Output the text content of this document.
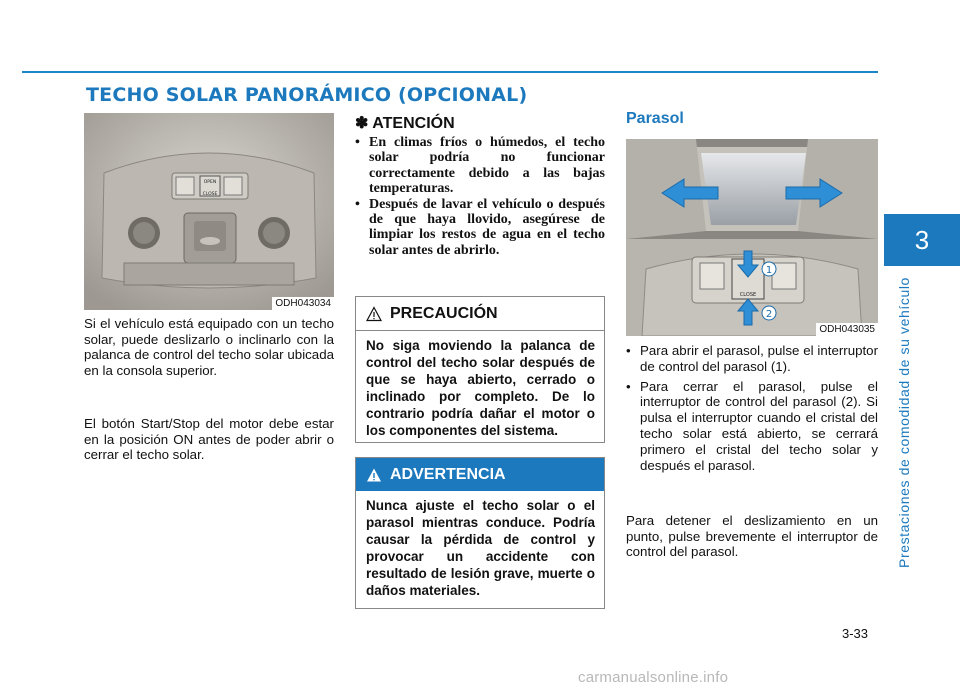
TECHO SOLAR PANORÁMICO (OPCIONAL)
3
Prestaciones de comodidad de su vehículo
OPEN
CLOSE
ODH043034

Si el vehículo está equipado con un techo solar, puede deslizarlo o inclinarlo con la palanca de control del techo solar ubicada en la consola superior.

El botón Start/Stop del motor debe estar en la posición ON antes de poder abrir o cerrar el techo solar.

✽ ATENCIÓN
• En climas fríos o húmedos, el techo solar podría no funcionar correctamente debido a las bajas temperaturas.
• Después de lavar el vehículo o después de que haya llovido, asegúrese de limpiar los restos de agua en el techo solar antes de abrirlo.
PRECAUCIÓN

No siga moviendo la palanca de control del techo solar después de que se haya abierto, cerrado o inclinado por completo. De lo contrario podría dañar el motor o los componentes del sistema.

ADVERTENCIA

Nunca ajuste el techo solar o el parasol mientras conduce. Podría causar la pérdida de control y provocar un accidente con resultado de lesión grave, muerte o daños materiales.

Parasol
CLOSE
1
2
ODH043035
• Para abrir el parasol, pulse el interruptor de control del parasol (1).
• Para cerrar el parasol, pulse el interruptor de control del parasol (2). Si pulsa el interruptor cuando el cristal del techo solar está abierto, se cerrará primero el cristal del techo solar y después el parasol.

Para detener el deslizamiento en un punto, pulse brevemente el interruptor de control del parasol.

3-33

carmanualsonline.info
